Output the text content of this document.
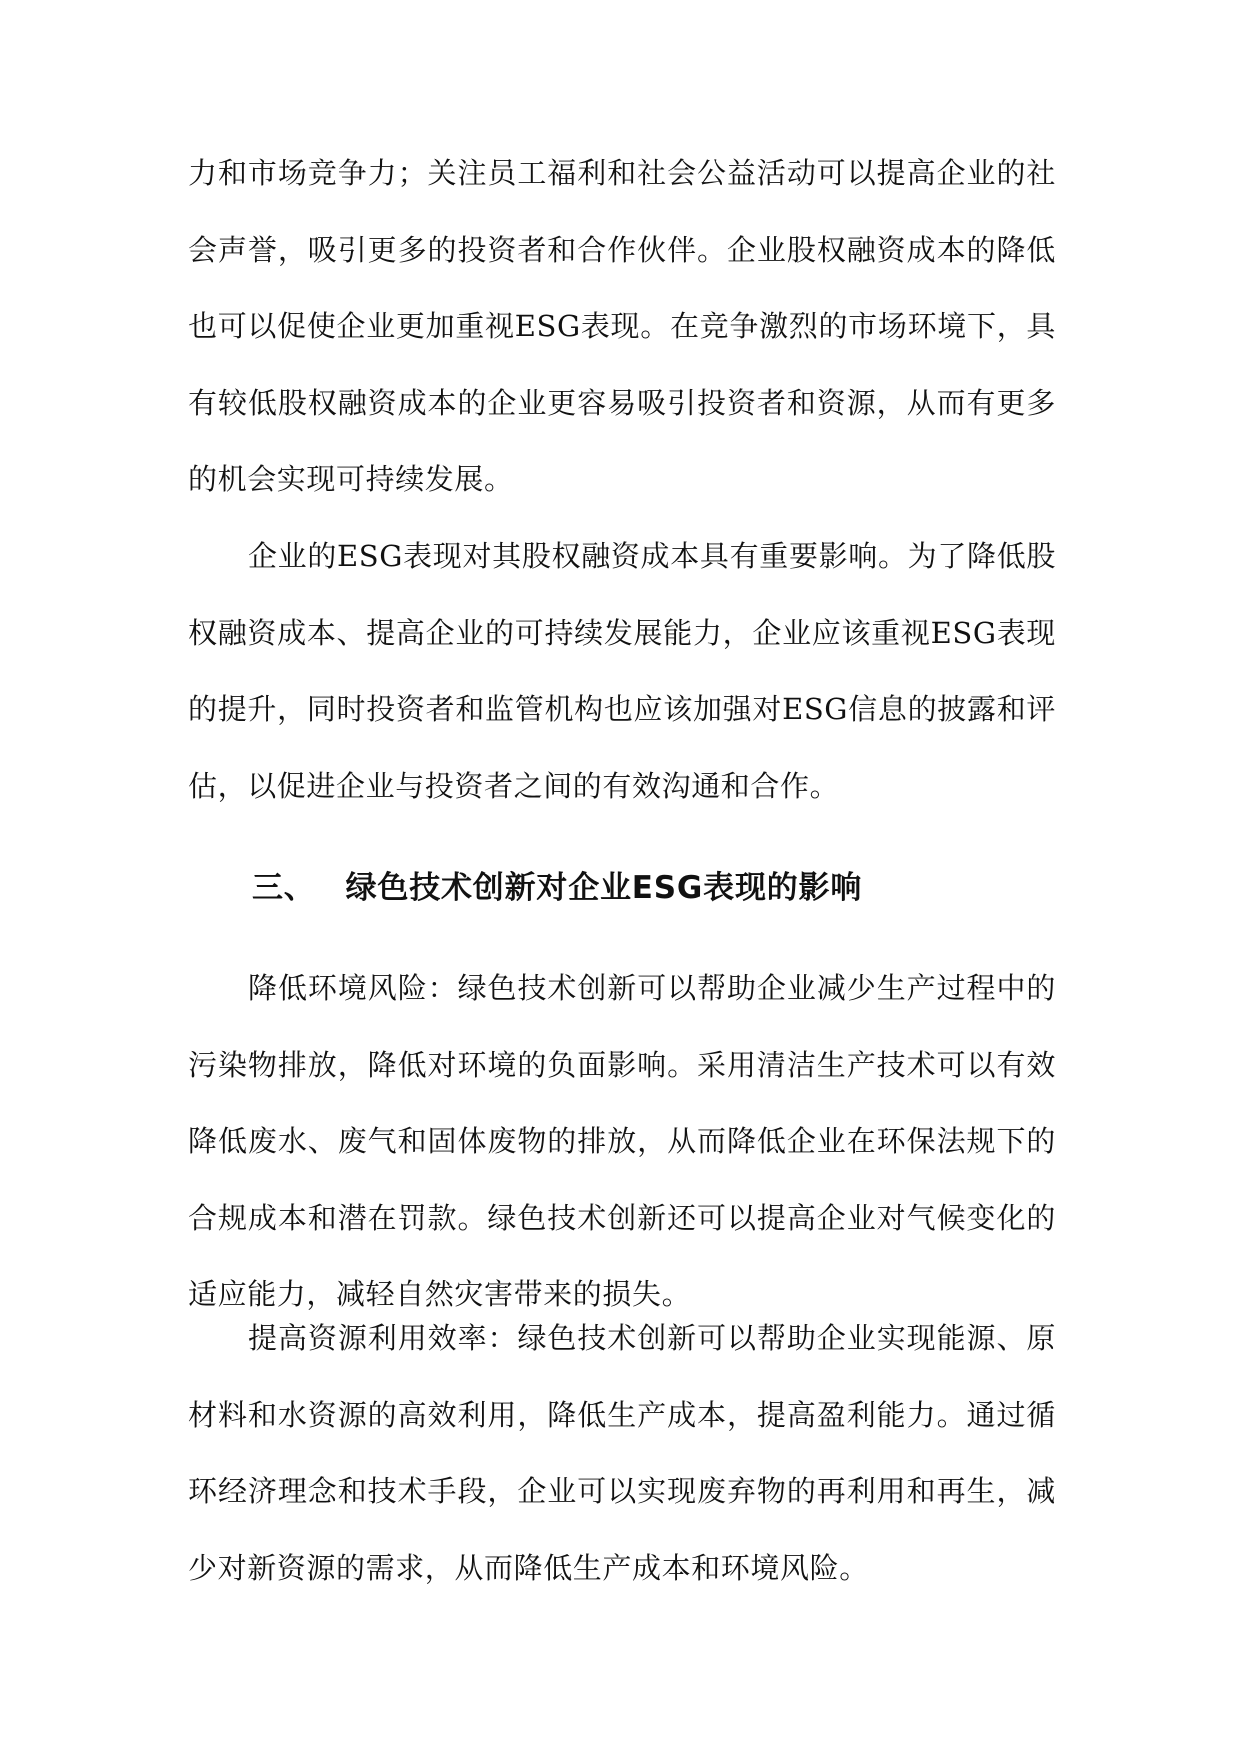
力和市场竞争力；关注员工福利和社会公益活动可以提高企业的社会声誉，吸引更多的投资者和合作伙伴。企业股权融资成本的降低也可以促使企业更加重视ESG表现。在竞争激烈的市场环境下，具有较低股权融资成本的企业更容易吸引投资者和资源，从而有更多的机会实现可持续发展。

企业的ESG表现对其股权融资成本具有重要影响。为了降低股权融资成本、提高企业的可持续发展能力，企业应该重视ESG表现的提升，同时投资者和监管机构也应该加强对ESG信息的披露和评估，以促进企业与投资者之间的有效沟通和合作。

三、 绿色技术创新对企业ESG表现的影响

降低环境风险：绿色技术创新可以帮助企业减少生产过程中的污染物排放，降低对环境的负面影响。采用清洁生产技术可以有效降低废水、废气和固体废物的排放，从而降低企业在环保法规下的合规成本和潜在罚款。绿色技术创新还可以提高企业对气候变化的适应能力，减轻自然灾害带来的损失。

提高资源利用效率：绿色技术创新可以帮助企业实现能源、原材料和水资源的高效利用，降低生产成本，提高盈利能力。通过循环经济理念和技术手段，企业可以实现废弃物的再利用和再生，减少对新资源的需求，从而降低生产成本和环境风险。
